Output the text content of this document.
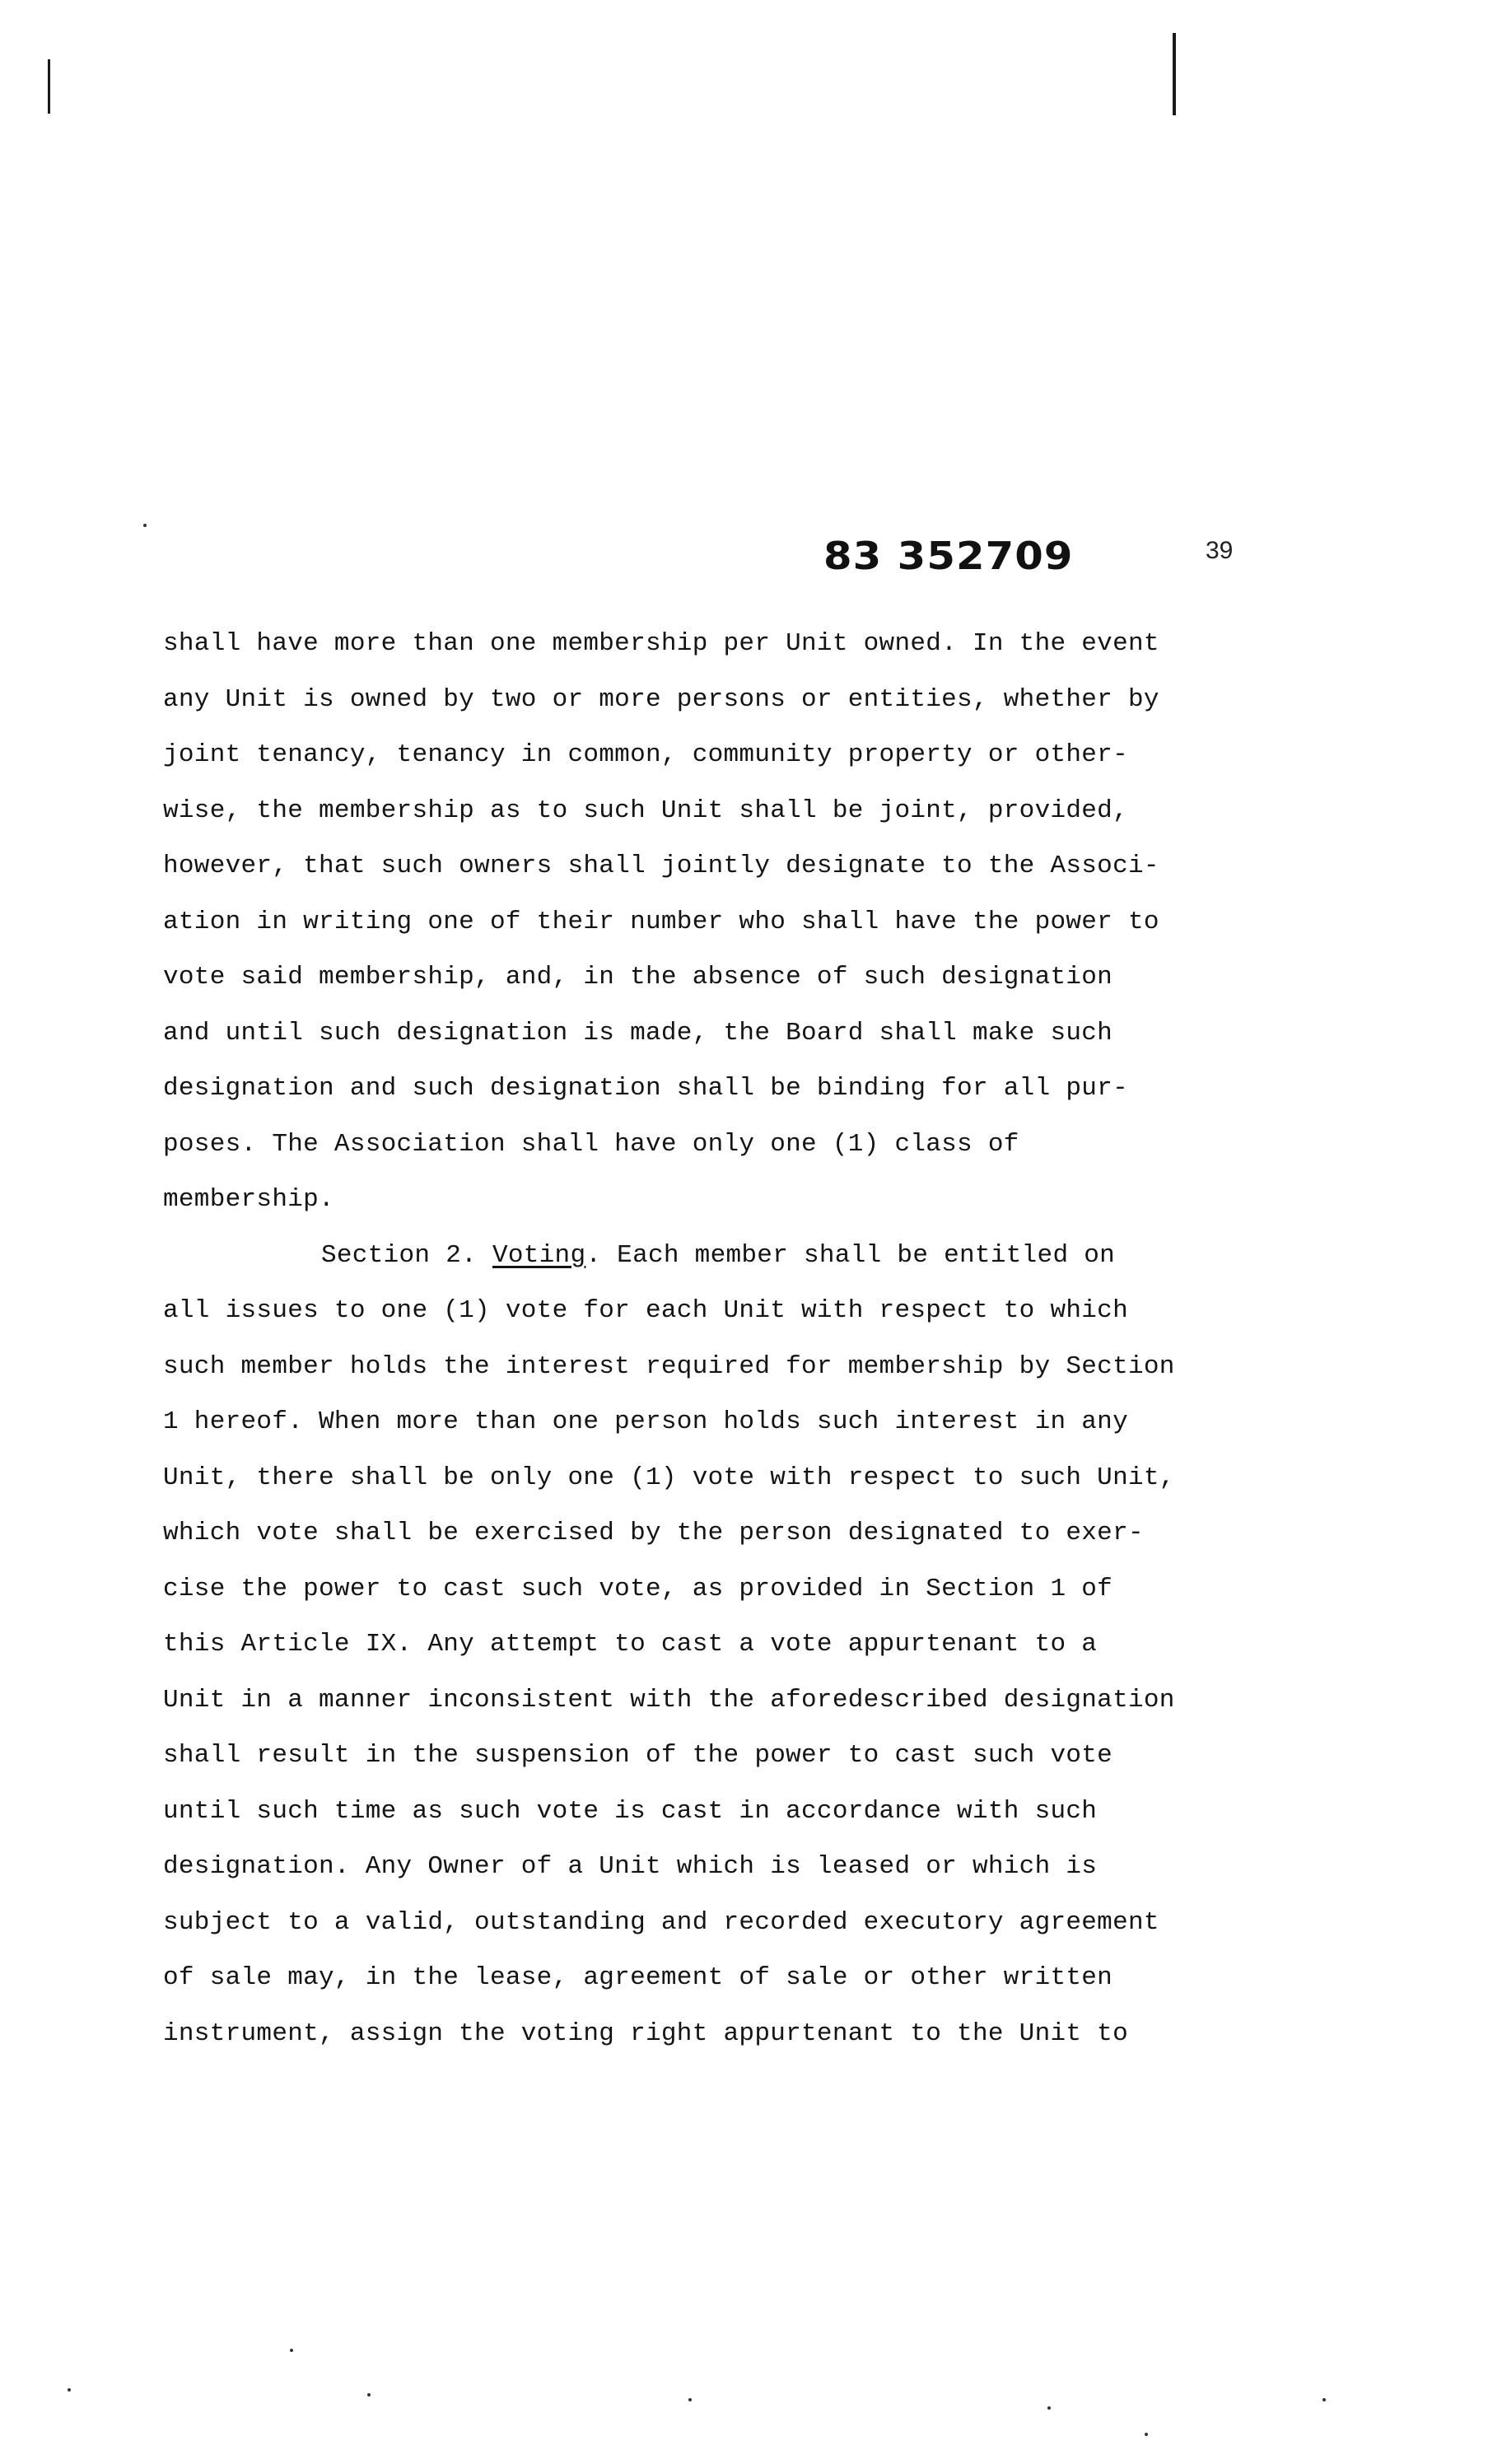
83 352709	39
shall have more than one membership per Unit owned. In the event
any Unit is owned by two or more persons or entities, whether by
joint tenancy, tenancy in common, community property or other-
wise, the membership as to such Unit shall be joint, provided,
however, that such owners shall jointly designate to the Associ-
ation in writing one of their number who shall have the power to
vote said membership, and, in the absence of such designation
and until such designation is made, the Board shall make such
designation and such designation shall be binding for all pur-
poses. The Association shall have only one (1) class of
membership.
Section 2. Voting. Each member shall be entitled on
all issues to one (1) vote for each Unit with respect to which
such member holds the interest required for membership by Section
1 hereof. When more than one person holds such interest in any
Unit, there shall be only one (1) vote with respect to such Unit,
which vote shall be exercised by the person designated to exer-
cise the power to cast such vote, as provided in Section 1 of
this Article IX. Any attempt to cast a vote appurtenant to a
Unit in a manner inconsistent with the aforedescribed designation
shall result in the suspension of the power to cast such vote
until such time as such vote is cast in accordance with such
designation. Any Owner of a Unit which is leased or which is
subject to a valid, outstanding and recorded executory agreement
of sale may, in the lease, agreement of sale or other written
instrument, assign the voting right appurtenant to the Unit to
